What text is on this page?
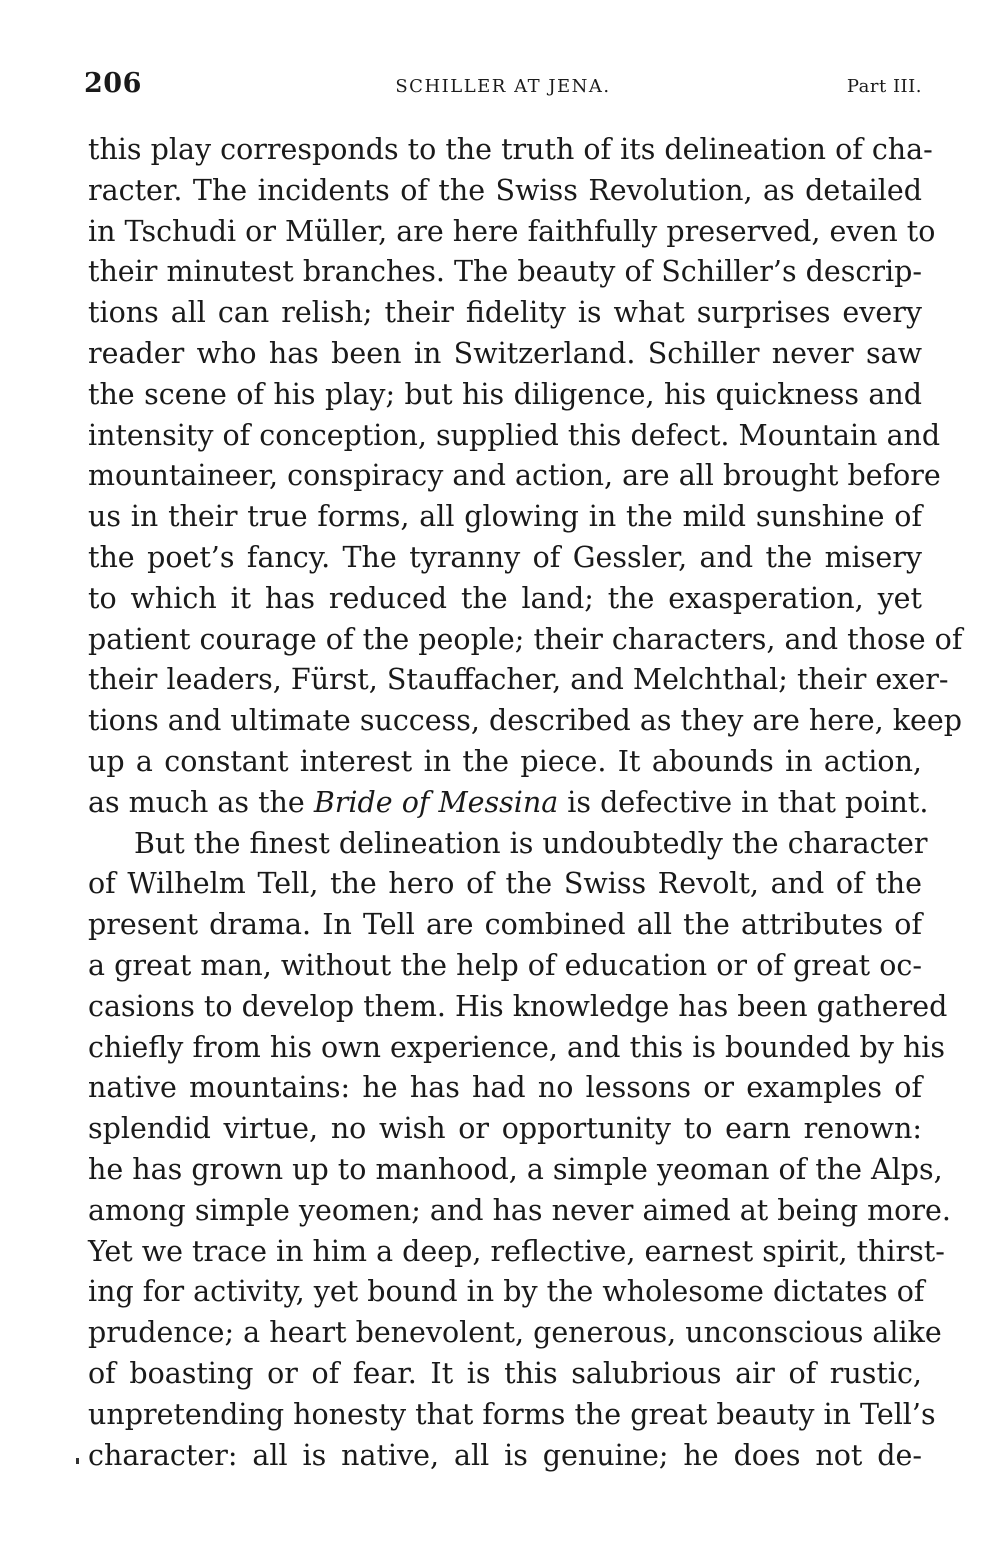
206	SCHILLER AT JENA.	Part III.
this play corresponds to the truth of its delineation of cha-
racter. The incidents of the Swiss Revolution, as detailed
in Tschudi or Müller, are here faithfully preserved, even to
their minutest branches. The beauty of Schiller’s descrip-
tions all can relish; their fidelity is what surprises every
reader who has been in Switzerland. Schiller never saw
the scene of his play; but his diligence, his quickness and
intensity of conception, supplied this defect. Mountain and
mountaineer, conspiracy and action, are all brought before
us in their true forms, all glowing in the mild sunshine of
the poet’s fancy. The tyranny of Gessler, and the misery
to which it has reduced the land; the exasperation, yet
patient courage of the people; their characters, and those of
their leaders, Fürst, Stauffacher, and Melchthal; their exer-
tions and ultimate success, described as they are here, keep
up a constant interest in the piece. It abounds in action,
as much as the Bride of Messina is defective in that point.
But the finest delineation is undoubtedly the character
of Wilhelm Tell, the hero of the Swiss Revolt, and of the
present drama. In Tell are combined all the attributes of
a great man, without the help of education or of great oc-
casions to develop them. His knowledge has been gathered
chiefly from his own experience, and this is bounded by his
native mountains: he has had no lessons or examples of
splendid virtue, no wish or opportunity to earn renown:
he has grown up to manhood, a simple yeoman of the Alps,
among simple yeomen; and has never aimed at being more.
Yet we trace in him a deep, reflective, earnest spirit, thirst-
ing for activity, yet bound in by the wholesome dictates of
prudence; a heart benevolent, generous, unconscious alike
of boasting or of fear. It is this salubrious air of rustic,
unpretending honesty that forms the great beauty in Tell’s
character: all is native, all is genuine; he does not de-
